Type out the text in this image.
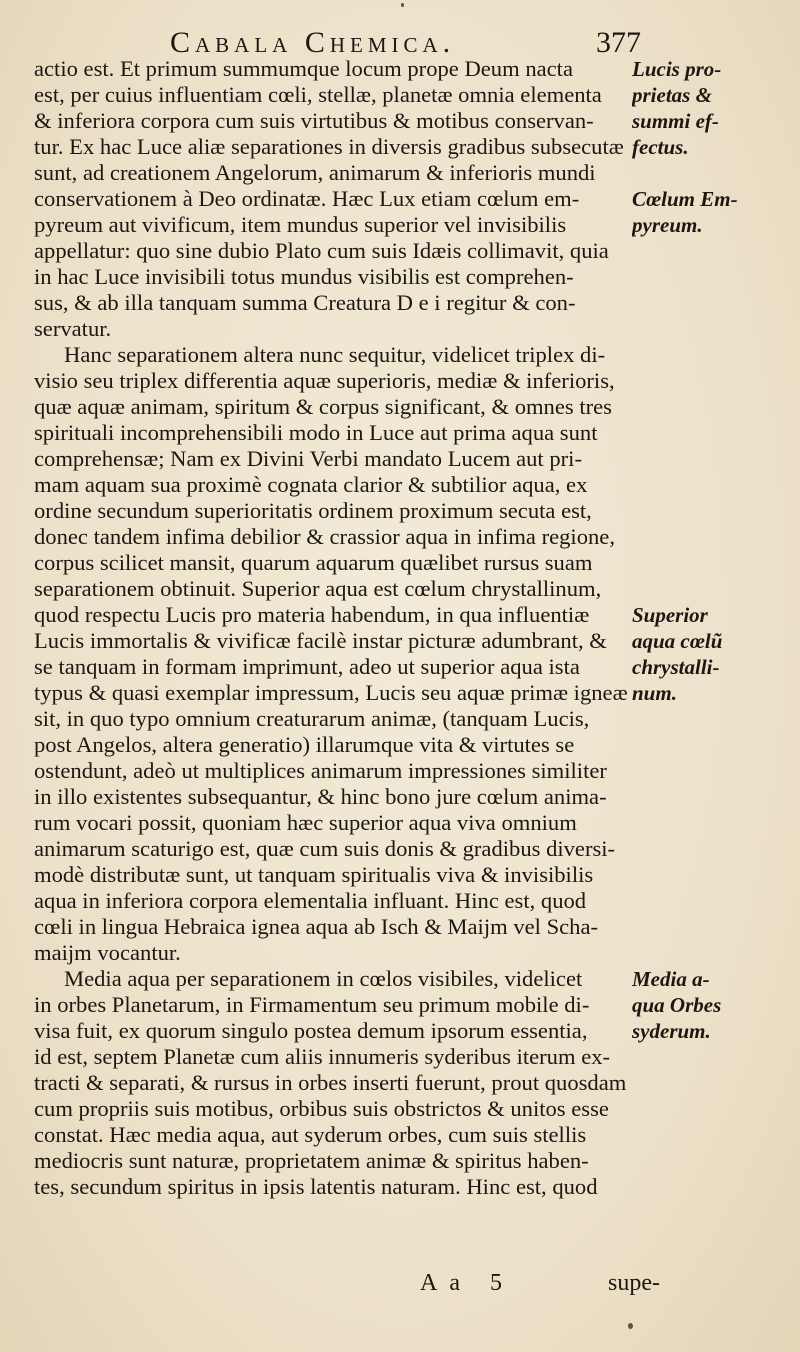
Cabala Chemica.	377
actio est. Et primum summumque locum prope Deum nacta
est, per cuius influentiam cœli, stellæ, planetæ omnia elementa
& inferiora corpora cum suis virtutibus & motibus conservan-
tur. Ex hac Luce aliæ separationes in diversis gradibus subsecutæ
sunt, ad creationem Angelorum, animarum & inferioris mundi
conservationem à Deo ordinatæ. Hæc Lux etiam cœlum em-
pyreum aut vivificum, item mundus superior vel invisibilis
appellatur: quo sine dubio Plato cum suis Idæis collimavit, quia
in hac Luce invisibili totus mundus visibilis est comprehen-
sus, & ab illa tanquam summa Creatura D e i regitur & con-
servatur.
Hanc separationem altera nunc sequitur, videlicet triplex di-
visio seu triplex differentia aquæ superioris, mediæ & inferioris,
quæ aquæ animam, spiritum & corpus significant, & omnes tres
spirituali incomprehensibili modo in Luce aut prima aqua sunt
comprehensæ; Nam ex Divini Verbi mandato Lucem aut pri-
mam aquam sua proximè cognata clarior & subtilior aqua, ex
ordine secundum superioritatis ordinem proximum secuta est,
donec tandem infima debilior & crassior aqua in infima regione,
corpus scilicet mansit, quarum aquarum quælibet rursus suam
separationem obtinuit. Superior aqua est cœlum chrystallinum,
quod respectu Lucis pro materia habendum, in qua influentiæ
Lucis immortalis & vivificæ facilè instar picturæ adumbrant, &
se tanquam in formam imprimunt, adeo ut superior aqua ista
typus & quasi exemplar impressum, Lucis seu aquæ primæ igneæ
sit, in quo typo omnium creaturarum animæ, (tanquam Lucis,
post Angelos, altera generatio) illarumque vita & virtutes se
ostendunt, adeò ut multiplices animarum impressiones similiter
in illo existentes subsequantur, & hinc bono jure cœlum anima-
rum vocari possit, quoniam hæc superior aqua viva omnium
animarum scaturigo est, quæ cum suis donis & gradibus diversi-
modè distributæ sunt, ut tanquam spiritualis viva & invisibilis
aqua in inferiora corpora elementalia influant. Hinc est, quod
cœli in lingua Hebraica ignea aqua ab Isch & Maijm vel Scha-
maijm vocantur.
Media aqua per separationem in cœlos visibiles, videlicet
in orbes Planetarum, in Firmamentum seu primum mobile di-
visa fuit, ex quorum singulo postea demum ipsorum essentia,
id est, septem Planetæ cum aliis innumeris syderibus iterum ex-
tracti & separati, & rursus in orbes inserti fuerunt, prout quosdam
cum propriis suis motibus, orbibus suis obstrictos & unitos esse
constat. Hæc media aqua, aut syderum orbes, cum suis stellis
mediocris sunt naturæ, proprietatem animæ & spiritus haben-
tes, secundum spiritus in ipsis latentis naturam. Hinc est, quod
Lucis pro-
prietas &
summi ef-
fectus.
Cœlum Em-
pyreum.
Superior
aqua cœlũ
chrystalli-
num.
Media a-
qua Orbes
syderum.
Aa 5	supe-
